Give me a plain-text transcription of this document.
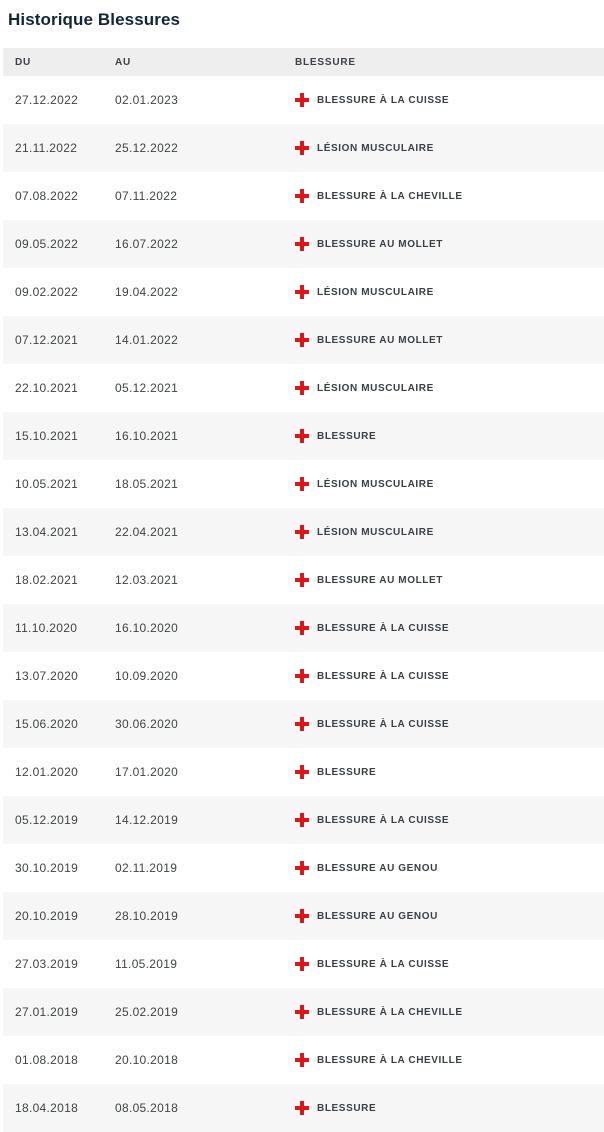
Historique Blessures
DU	AU	BLESSURE
27.12.2022	02.01.2023	BLESSURE À LA CUISSE
21.11.2022	25.12.2022	LÉSION MUSCULAIRE
07.08.2022	07.11.2022	BLESSURE À LA CHEVILLE
09.05.2022	16.07.2022	BLESSURE AU MOLLET
09.02.2022	19.04.2022	LÉSION MUSCULAIRE
07.12.2021	14.01.2022	BLESSURE AU MOLLET
22.10.2021	05.12.2021	LÉSION MUSCULAIRE
15.10.2021	16.10.2021	BLESSURE
10.05.2021	18.05.2021	LÉSION MUSCULAIRE
13.04.2021	22.04.2021	LÉSION MUSCULAIRE
18.02.2021	12.03.2021	BLESSURE AU MOLLET
11.10.2020	16.10.2020	BLESSURE À LA CUISSE
13.07.2020	10.09.2020	BLESSURE À LA CUISSE
15.06.2020	30.06.2020	BLESSURE À LA CUISSE
12.01.2020	17.01.2020	BLESSURE
05.12.2019	14.12.2019	BLESSURE À LA CUISSE
30.10.2019	02.11.2019	BLESSURE AU GENOU
20.10.2019	28.10.2019	BLESSURE AU GENOU
27.03.2019	11.05.2019	BLESSURE À LA CUISSE
27.01.2019	25.02.2019	BLESSURE À LA CHEVILLE
01.08.2018	20.10.2018	BLESSURE À LA CHEVILLE
18.04.2018	08.05.2018	BLESSURE
